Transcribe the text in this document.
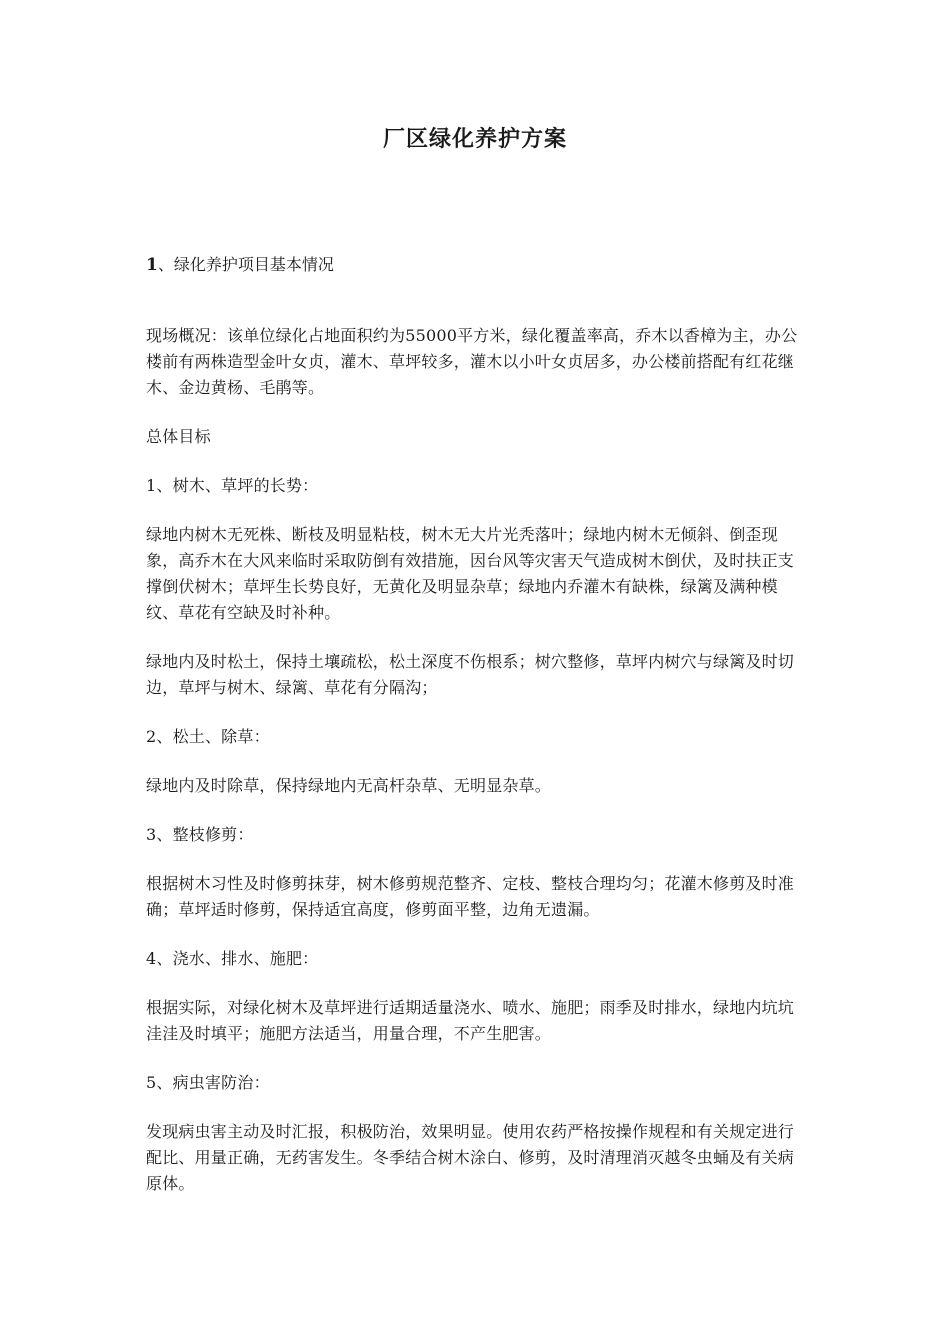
厂区绿化养护方案

1、绿化养护项目基本情况

现场概况：该单位绿化占地面积约为55000平方米，绿化覆盖率高，乔木以香樟为主，办公楼前有两株造型金叶女贞，灌木、草坪较多，灌木以小叶女贞居多，办公楼前搭配有红花继木、金边黄杨、毛鹃等。

总体目标

1、树木、草坪的长势：

绿地内树木无死株、断枝及明显粘枝，树木无大片光秃落叶；绿地内树木无倾斜、倒歪现象，高乔木在大风来临时采取防倒有效措施，因台风等灾害天气造成树木倒伏，及时扶正支撑倒伏树木；草坪生长势良好，无黄化及明显杂草；绿地内乔灌木有缺株，绿篱及满种模纹、草花有空缺及时补种。

绿地内及时松土，保持土壤疏松，松土深度不伤根系；树穴整修，草坪内树穴与绿篱及时切边，草坪与树木、绿篱、草花有分隔沟；

2、松土、除草：

绿地内及时除草，保持绿地内无高杆杂草、无明显杂草。

3、整枝修剪：

根据树木习性及时修剪抹芽，树木修剪规范整齐、定枝、整枝合理均匀；花灌木修剪及时准确；草坪适时修剪，保持适宜高度，修剪面平整，边角无遗漏。

4、浇水、排水、施肥：

根据实际，对绿化树木及草坪进行适期适量浇水、喷水、施肥；雨季及时排水，绿地内坑坑洼洼及时填平；施肥方法适当，用量合理，不产生肥害。

5、病虫害防治：

发现病虫害主动及时汇报，积极防治，效果明显。使用农药严格按操作规程和有关规定进行配比、用量正确，无药害发生。冬季结合树木涂白、修剪，及时清理消灭越冬虫蛹及有关病原体。
